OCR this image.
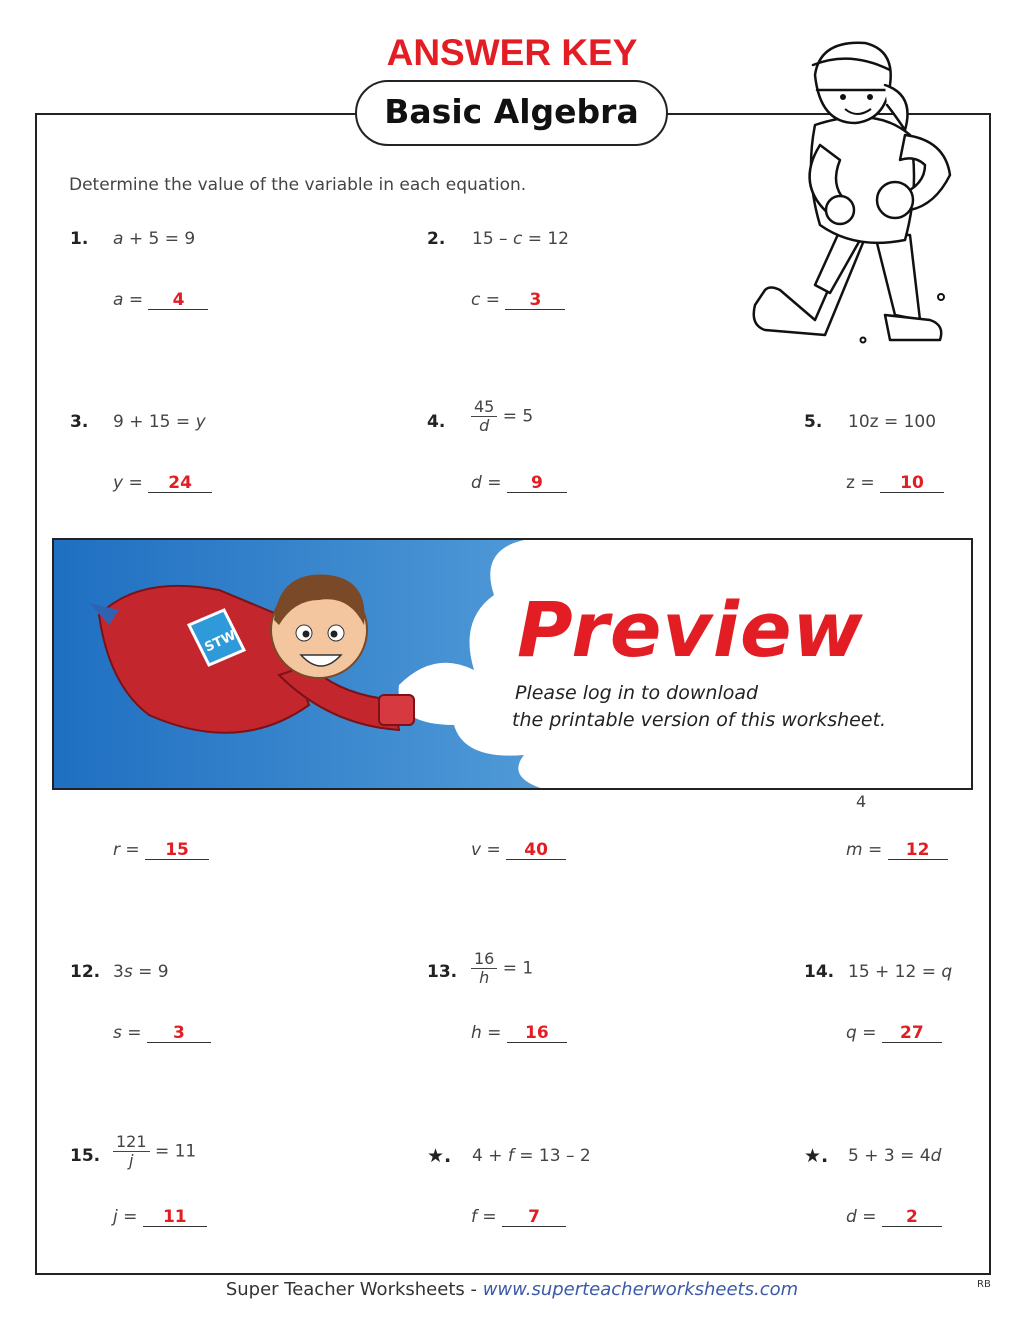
ANSWER KEY
Basic Algebra
Determine the value of the variable in each equation.
1. a + 5 = 9
a = 4
2. 15 – c = 12
c = 3
3. 9 + 15 = y
y = 24
4. $\frac{45}{d} = 5$
d = 9
5. 10z = 100
z = 10
STW	Preview
Please log in to download
the printable version of this worksheet.
4
r = 15	v = 40	m = 12
12. 3s = 9
s = 3
13. $\frac{16}{h} = 1$
h = 16
14. 15 + 12 = q
q = 27
15. $\frac{121}{j} = 11$
j = 11
★. 4 + f = 13 – 2
f = 7
★. 5 + 3 = 4d
d = 2
Super Teacher Worksheets - www.superteacherworksheets.com	RB
